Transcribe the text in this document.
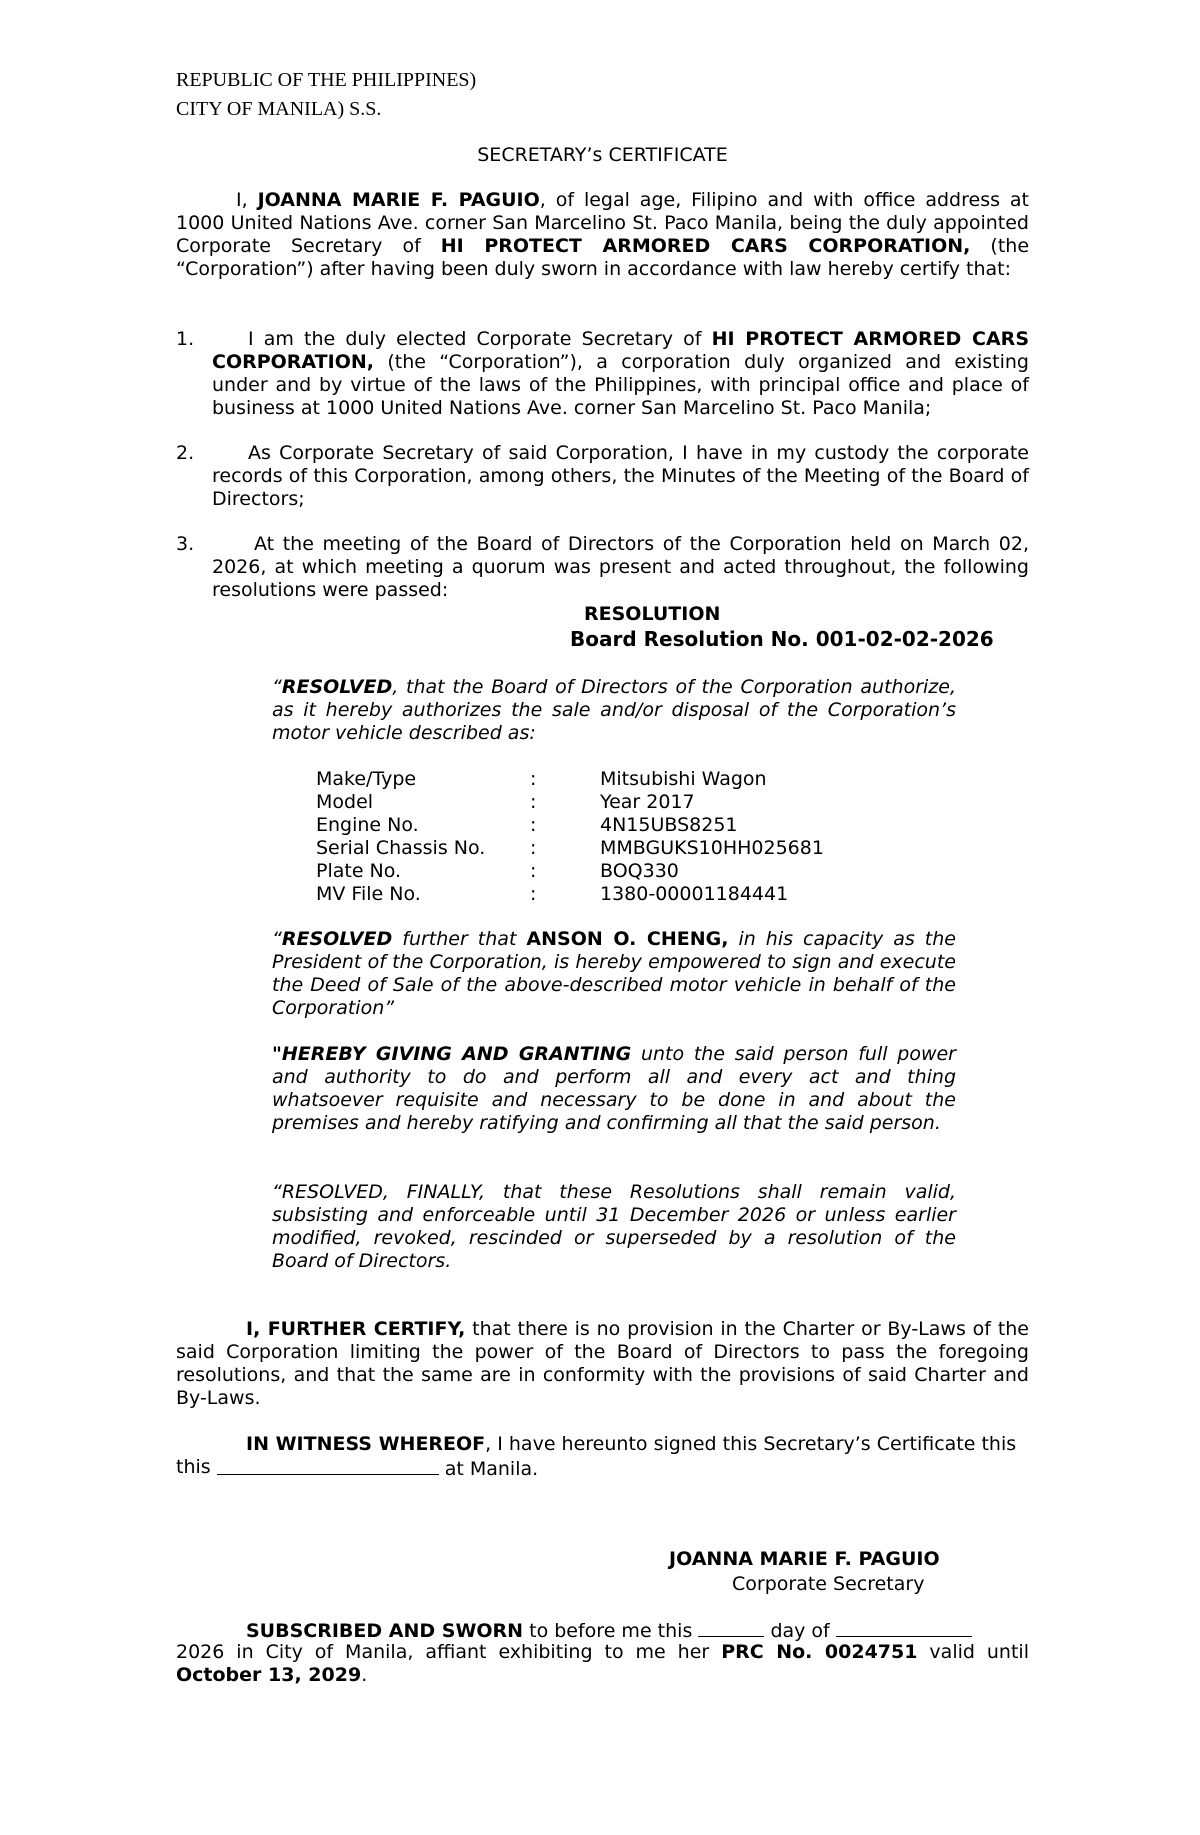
REPUBLIC OF THE PHILIPPINES)
CITY OF MANILA) S.S.
SECRETARY’s CERTIFICATE
I, JOANNA MARIE F. PAGUIO, of legal age, Filipino and with office address at 1000 United Nations Ave. corner San Marcelino St. Paco Manila, being the duly appointed Corporate Secretary of HI PROTECT ARMORED CARS CORPORATION, (the “Corporation”) after having been duly sworn in accordance with law hereby certify that:
1.	I am the duly elected Corporate Secretary of HI PROTECT ARMORED CARS CORPORATION, (the “Corporation”), a corporation duly organized and existing under and by virtue of the laws of the Philippines, with principal office and place of business at 1000 United Nations Ave. corner San Marcelino St. Paco Manila;
2.	As Corporate Secretary of said Corporation, I have in my custody the corporate records of this Corporation, among others, the Minutes of the Meeting of the Board of Directors;
3.	At the meeting of the Board of Directors of the Corporation held on March 02, 2026, at which meeting a quorum was present and acted throughout, the following resolutions were passed:
RESOLUTION
Board Resolution No. 001-02-02-2026
“RESOLVED, that the Board of Directors of the Corporation authorize, as it hereby authorizes the sale and/or disposal of the Corporation’s motor vehicle described as:
Make/Type	:	Mitsubishi Wagon
Model	:	Year 2017
Engine No.	:	4N15UBS8251
Serial Chassis No. :	MMBGUKS10HH025681
Plate No.	:	BOQ330
MV File No.	:	1380-00001184441
“RESOLVED further that ANSON O. CHENG, in his capacity as the President of the Corporation, is hereby empowered to sign and execute the Deed of Sale of the above-described motor vehicle in behalf of the Corporation”
"HEREBY GIVING AND GRANTING unto the said person full power and authority to do and perform all and every act and thing whatsoever requisite and necessary to be done in and about the premises and hereby ratifying and confirming all that the said person.
“RESOLVED, FINALLY, that these Resolutions shall remain valid, subsisting and enforceable until 31 December 2026 or unless earlier modified, revoked, rescinded or superseded by a resolution of the Board of Directors.
I, FURTHER CERTIFY, that there is no provision in the Charter or By-Laws of the said Corporation limiting the power of the Board of Directors to pass the foregoing resolutions, and that the same are in conformity with the provisions of said Charter and By-Laws.
IN WITNESS WHEREOF, I have hereunto signed this Secretary’s Certificate this
at Manila.
JOANNA MARIE F. PAGUIO
Corporate Secretary
SUBSCRIBED AND SWORN to before me this	day of
2026 in City of Manila, affiant exhibiting to me her PRC No. 0024751 valid until
October 13, 2029.
this
